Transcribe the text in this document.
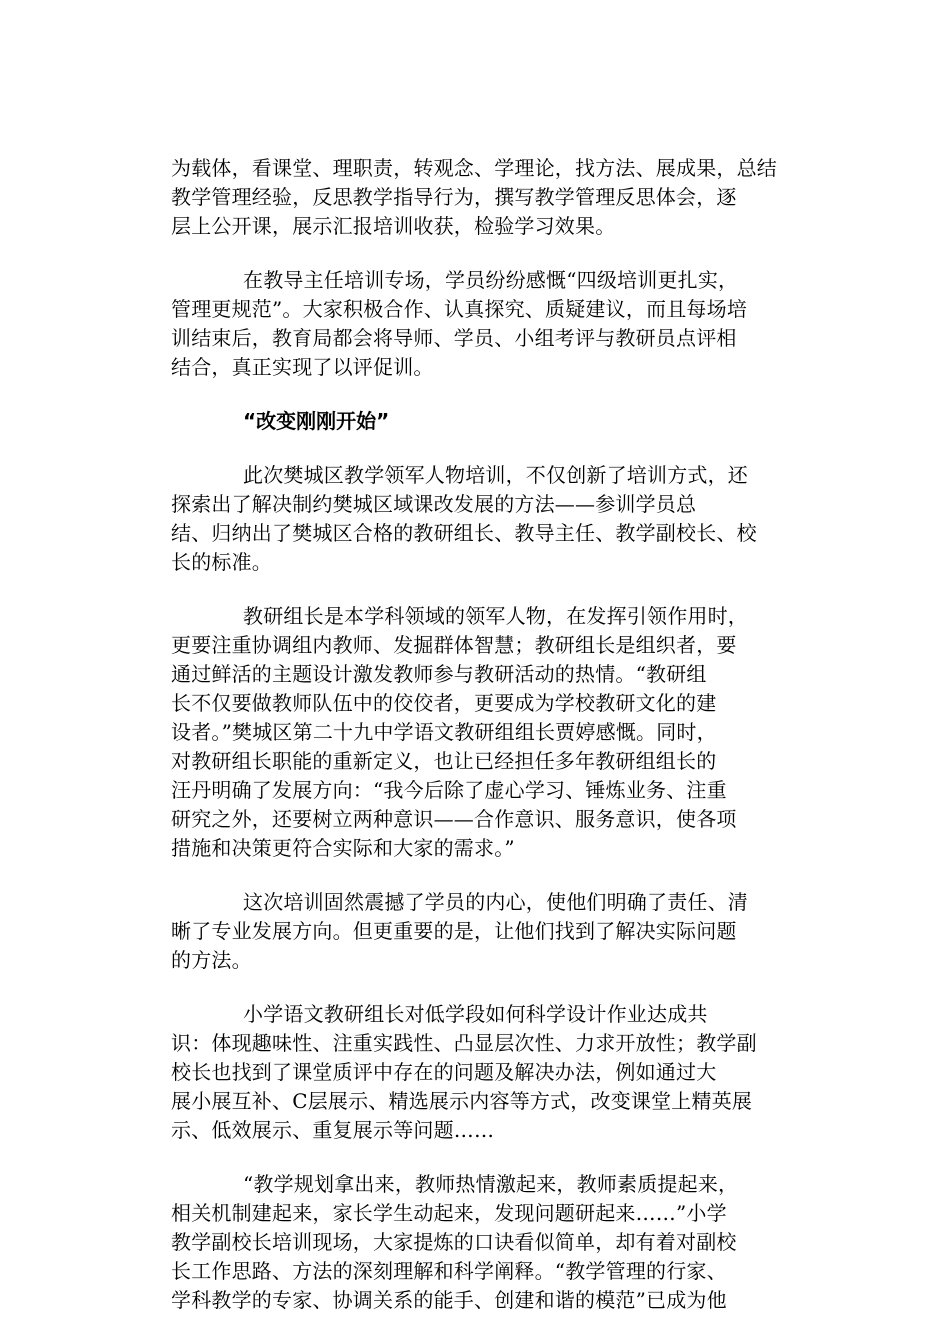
为载体，看课堂、理职责，转观念、学理论，找方法、展成果，总结
教学管理经验，反思教学指导行为，撰写教学管理反思体会，逐
层上公开课，展示汇报培训收获，检验学习效果。

在教导主任培训专场，学员纷纷感慨“四级培训更扎实，
管理更规范”。大家积极合作、认真探究、质疑建议，而且每场培
训结束后，教育局都会将导师、学员、小组考评与教研员点评相
结合，真正实现了以评促训。

“改变刚刚开始”

此次樊城区教学领军人物培训，不仅创新了培训方式，还
探索出了解决制约樊城区域课改发展的方法——参训学员总
结、归纳出了樊城区合格的教研组长、教导主任、教学副校长、校
长的标准。

教研组长是本学科领域的领军人物，在发挥引领作用时，
更要注重协调组内教师、发掘群体智慧；教研组长是组织者，要
通过鲜活的主题设计激发教师参与教研活动的热情。“教研组
长不仅要做教师队伍中的佼佼者，更要成为学校教研文化的建
设者。”樊城区第二十九中学语文教研组组长贾婷感慨。同时，
对教研组长职能的重新定义，也让已经担任多年教研组组长的
汪丹明确了发展方向：“我今后除了虚心学习、锤炼业务、注重
研究之外，还要树立两种意识——合作意识、服务意识，使各项
措施和决策更符合实际和大家的需求。”

这次培训固然震撼了学员的内心，使他们明确了责任、清
晰了专业发展方向。但更重要的是，让他们找到了解决实际问题
的方法。

小学语文教研组长对低学段如何科学设计作业达成共
识：体现趣味性、注重实践性、凸显层次性、力求开放性；教学副
校长也找到了课堂质评中存在的问题及解决办法，例如通过大
展小展互补、C层展示、精选展示内容等方式，改变课堂上精英展
示、低效展示、重复展示等问题……

“教学规划拿出来，教师热情激起来，教师素质提起来，
相关机制建起来，家长学生动起来，发现问题研起来……”小学
教学副校长培训现场，大家提炼的口诀看似简单，却有着对副校
长工作思路、方法的深刻理解和科学阐释。“教学管理的行家、
学科教学的专家、协调关系的能手、创建和谐的模范”已成为他
